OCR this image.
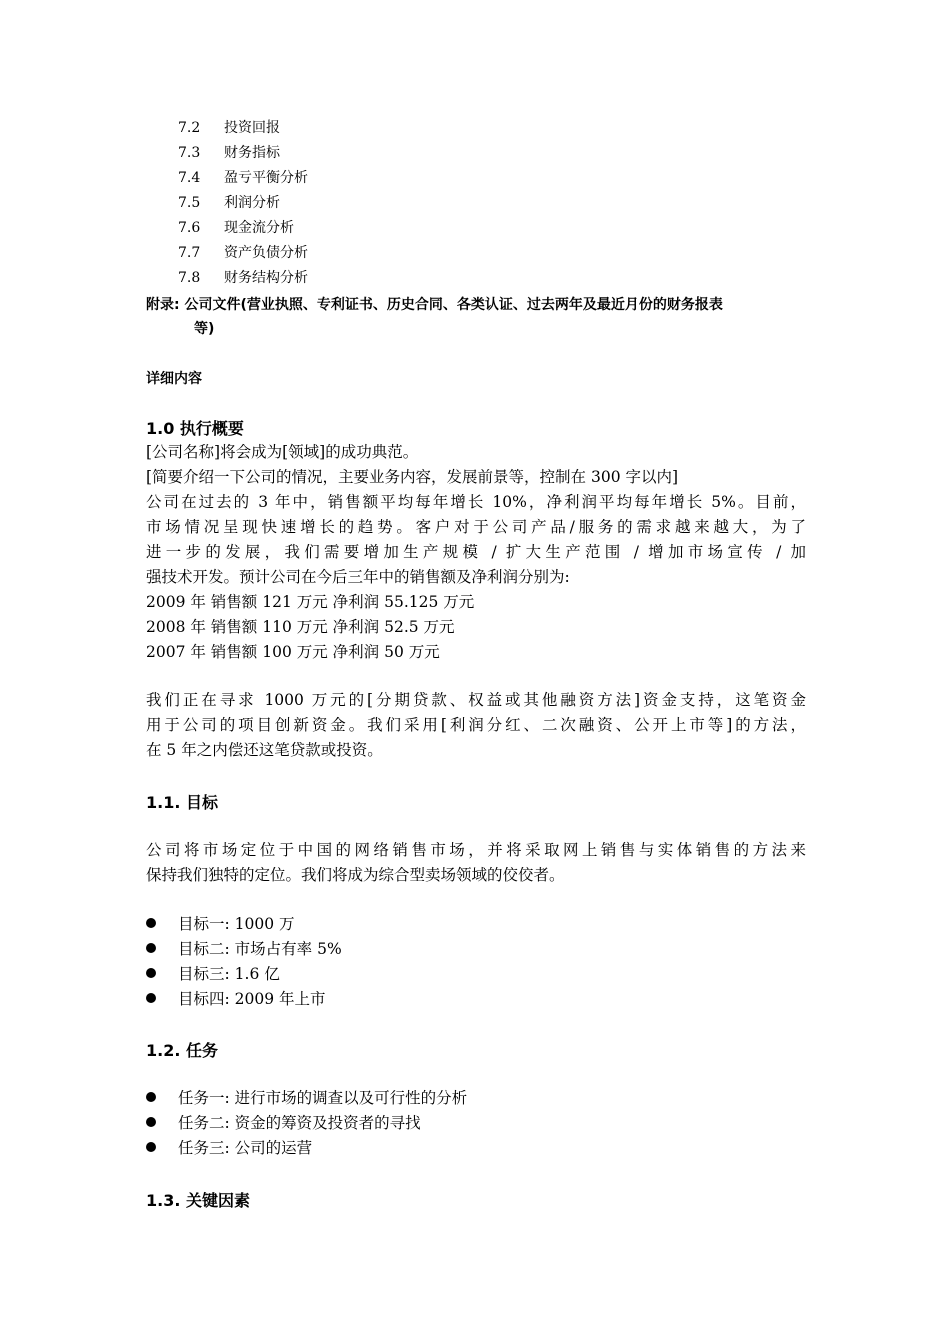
7.2 投资回报
7.3 财务指标
7.4 盈亏平衡分析
7.5 利润分析
7.6 现金流分析
7.7 资产负债分析
7.8 财务结构分析
附录: 公司文件(营业执照、专利证书、历史合同、各类认证、过去两年及最近月份的财务报表
等)
详细内容
1.0 执行概要
[公司名称]将会成为[领域]的成功典范。
[简要介绍一下公司的情况，主要业务内容，发展前景等，控制在 300 字以内]
公司在过去的 3 年中，销售额平均每年增长 10%，净利润平均每年增长 5%。目前，
市场情况呈现快速增长的趋势。客户对于公司产品/服务的需求越来越大，为了
进一步的发展，我们需要增加生产规模 / 扩大生产范围 / 增加市场宣传 / 加
强技术开发。预计公司在今后三年中的销售额及净利润分别为:
2009 年 销售额 121 万元 净利润 55.125 万元
2008 年 销售额 110 万元 净利润 52.5 万元
2007 年 销售额 100 万元 净利润 50 万元
我们正在寻求 1000 万元的[分期贷款、权益或其他融资方法]资金支持，这笔资金
用于公司的项目创新资金。我们采用[利润分红、二次融资、公开上市等]的方法，
在 5 年之内偿还这笔贷款或投资。
1.1. 目标
公司将市场定位于中国的网络销售市场，并将采取网上销售与实体销售的方法来
保持我们独特的定位。我们将成为综合型卖场领域的佼佼者。
目标一: 1000 万
目标二: 市场占有率 5%
目标三: 1.6 亿
目标四: 2009 年上市
1.2. 任务
任务一: 进行市场的调查以及可行性的分析
任务二: 资金的筹资及投资者的寻找
任务三: 公司的运营
1.3. 关键因素
